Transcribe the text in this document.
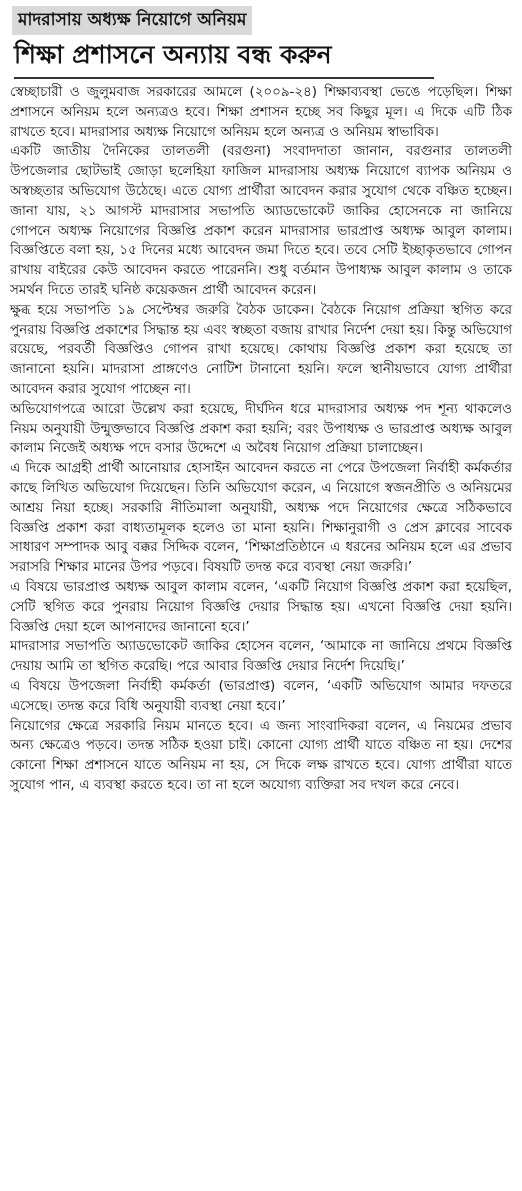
মাদরাসায় অধ্যক্ষ নিয়োগে অনিয়ম
শিক্ষা প্রশাসনে অন্যায় বন্ধ করুন

স্বেচ্ছাচারী ও জুলুমবাজ সরকারের আমলে (২০০৯-২৪) শিক্ষাব্যবস্থা ভেঙে পড়েছিল। শিক্ষা প্রশাসনে অনিয়ম হলে অন্যত্রও হবে। শিক্ষা প্রশাসন হচ্ছে সব কিছুর মূল। এ দিকে এটি ঠিক রাখতে হবে। মাদরাসার অধ্যক্ষ নিয়োগে অনিয়ম হলে অন্যত্র ও অনিয়ম স্বাভাবিক।

একটি জাতীয় দৈনিকের তালতলী (বরগুনা) সংবাদদাতা জানান, বরগুনার তালতলী উপজেলার ছোটভাই জোড়া ছলেহিয়া ফাজিল মাদরাসায় অধ্যক্ষ নিয়োগে ব্যাপক অনিয়ম ও অস্বচ্ছতার অভিযোগ উঠেছে। এতে যোগ্য প্রার্থীরা আবেদন করার সুযোগ থেকে বঞ্চিত হচ্ছেন। জানা যায়, ২১ আগস্ট মাদরাসার সভাপতি অ্যাডভোকেট জাকির হোসেনকে না জানিয়ে গোপনে অধ্যক্ষ নিয়োগের বিজ্ঞপ্তি প্রকাশ করেন মাদরাসার ভারপ্রাপ্ত অধ্যক্ষ আবুল কালাম। বিজ্ঞপ্তিতে বলা হয়, ১৫ দিনের মধ্যে আবেদন জমা দিতে হবে। তবে সেটি ইচ্ছাকৃতভাবে গোপন রাখায় বাইরের কেউ আবেদন করতে পারেননি। শুধু বর্তমান উপাধ্যক্ষ আবুল কালাম ও তাকে সমর্থন দিতে তারই ঘনিষ্ঠ কয়েকজন প্রার্থী আবেদন করেন।

ক্ষুব্ধ হয়ে সভাপতি ১৯ সেপ্টেম্বর জরুরি বৈঠক ডাকেন। বৈঠকে নিয়োগ প্রক্রিয়া স্থগিত করে পুনরায় বিজ্ঞপ্তি প্রকাশের সিদ্ধান্ত হয় এবং স্বচ্ছতা বজায় রাখার নির্দেশ দেয়া হয়। কিন্তু অভিযোগ রয়েছে, পরবর্তী বিজ্ঞপ্তিও গোপন রাখা হয়েছে। কোথায় বিজ্ঞপ্তি প্রকাশ করা হয়েছে তা জানানো হয়নি। মাদরাসা প্রাঙ্গণেও নোটিশ টানানো হয়নি। ফলে স্থানীয়ভাবে যোগ্য প্রার্থীরা আবেদন করার সুযোগ পাচ্ছেন না।

অভিযোগপত্রে আরো উল্লেখ করা হয়েছে, দীর্ঘদিন ধরে মাদরাসার অধ্যক্ষ পদ শূন্য থাকলেও নিয়ম অনুযায়ী উন্মুক্তভাবে বিজ্ঞপ্তি প্রকাশ করা হয়নি; বরং উপাধ্যক্ষ ও ভারপ্রাপ্ত অধ্যক্ষ আবুল কালাম নিজেই অধ্যক্ষ পদে বসার উদ্দেশে এ অবৈধ নিয়োগ প্রক্রিয়া চালাচ্ছেন।

এ দিকে আগ্রহী প্রার্থী আনোয়ার হোসাইন আবেদন করতে না পেরে উপজেলা নির্বাহী কর্মকর্তার কাছে লিখিত অভিযোগ দিয়েছেন। তিনি অভিযোগ করেন, এ নিয়োগে স্বজনপ্রীতি ও অনিয়মের আশ্রয় নিয়া হচ্ছে। সরকারি নীতিমালা অনুযায়ী, অধ্যক্ষ পদে নিয়োগের ক্ষেত্রে সঠিকভাবে বিজ্ঞপ্তি প্রকাশ করা বাধ্যতামূলক হলেও তা মানা হয়নি। শিক্ষানুরাগী ও প্রেস ক্লাবের সাবেক সাধারণ সম্পাদক আবু বক্কর সিদ্দিক বলেন, ‘শিক্ষাপ্রতিষ্ঠানে এ ধরনের অনিয়ম হলে এর প্রভাব সরাসরি শিক্ষার মানের উপর পড়বে। বিষয়টি তদন্ত করে ব্যবস্থা নেয়া জরুরি।’

এ বিষয়ে ভারপ্রাপ্ত অধ্যক্ষ আবুল কালাম বলেন, ‘একটি নিয়োগ বিজ্ঞপ্তি প্রকাশ করা হয়েছিল, সেটি স্থগিত করে পুনরায় নিয়োগ বিজ্ঞপ্তি দেয়ার সিদ্ধান্ত হয়। এখনো বিজ্ঞপ্তি দেয়া হয়নি। বিজ্ঞপ্তি দেয়া হলে আপনাদের জানানো হবে।’

মাদরাসার সভাপতি অ্যাডভোকেট জাকির হোসেন বলেন, ‘আমাকে না জানিয়ে প্রথমে বিজ্ঞপ্তি দেয়ায় আমি তা স্থগিত করেছি। পরে আবার বিজ্ঞপ্তি দেয়ার নির্দেশ দিয়েছি।’

এ বিষয়ে উপজেলা নির্বাহী কর্মকর্তা (ভারপ্রাপ্ত) বলেন, ‘একটি অভিযোগ আমার দফতরে এসেছে। তদন্ত করে বিধি অনুযায়ী ব্যবস্থা নেয়া হবে।’

নিয়োগের ক্ষেত্রে সরকারি নিয়ম মানতে হবে। এ জন্য সাংবাদিকরা বলেন, এ নিয়মের প্রভাব অন্য ক্ষেত্রেও পড়বে। তদন্ত সঠিক হওয়া চাই। কোনো যোগ্য প্রার্থী যাতে বঞ্চিত না হয়। দেশের কোনো শিক্ষা প্রশাসনে যাতে অনিয়ম না হয়, সে দিকে লক্ষ রাখতে হবে। যোগ্য প্রার্থীরা যাতে সুযোগ পান, এ ব্যবস্থা করতে হবে। তা না হলে অযোগ্য ব্যক্তিরা সব দখল করে নেবে।
